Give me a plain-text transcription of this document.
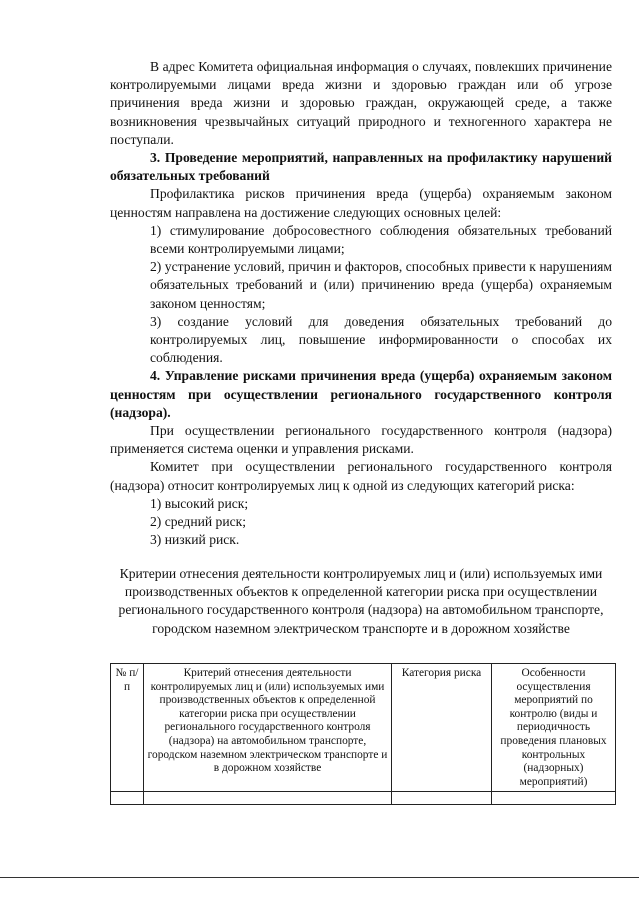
В адрес Комитета официальная информация о случаях, повлекших причинение контролируемыми лицами вреда жизни и здоровью граждан или об угрозе причинения вреда жизни и здоровью граждан, окружающей среде, а также возникновения чрезвычайных ситуаций природного и техногенного характера не поступали.

3. Проведение мероприятий, направленных на профилактику нарушений обязательных требований

Профилактика рисков причинения вреда (ущерба) охраняемым законом ценностям направлена на достижение следующих основных целей:

1) стимулирование добросовестного соблюдения обязательных требований всеми контролируемыми лицами;

2) устранение условий, причин и факторов, способных привести к нарушениям обязательных требований и (или) причинению вреда (ущерба) охраняемым законом ценностям;

3) создание условий для доведения обязательных требований до контролируемых лиц, повышение информированности о способах их соблюдения.

4. Управление рисками причинения вреда (ущерба) охраняемым законом ценностям при осуществлении регионального государственного контроля (надзора).

При осуществлении регионального государственного контроля (надзора) применяется система оценки и управления рисками.

Комитет при осуществлении регионального государственного контроля (надзора) относит контролируемых лиц к одной из следующих категорий риска:

1) высокий риск;

2) средний риск;

3) низкий риск.

Критерии отнесения деятельности контролируемых лиц и (или) используемых ими производственных объектов к определенной категории риска при осуществлении регионального государственного контроля (надзора) на автомобильном транспорте, городском наземном электрическом транспорте и в дорожном хозяйстве

№ п/п	Критерий отнесения деятельности контролируемых лиц и (или) используемых ими производственных объектов к определенной категории риска при осуществлении регионального государственного контроля (надзора) на автомобильном транспорте, городском наземном электрическом транспорте и в дорожном хозяйстве	Категория риска	Особенности осуществления мероприятий по контролю (виды и периодичность проведения плановых контрольных (надзорных) мероприятий)
